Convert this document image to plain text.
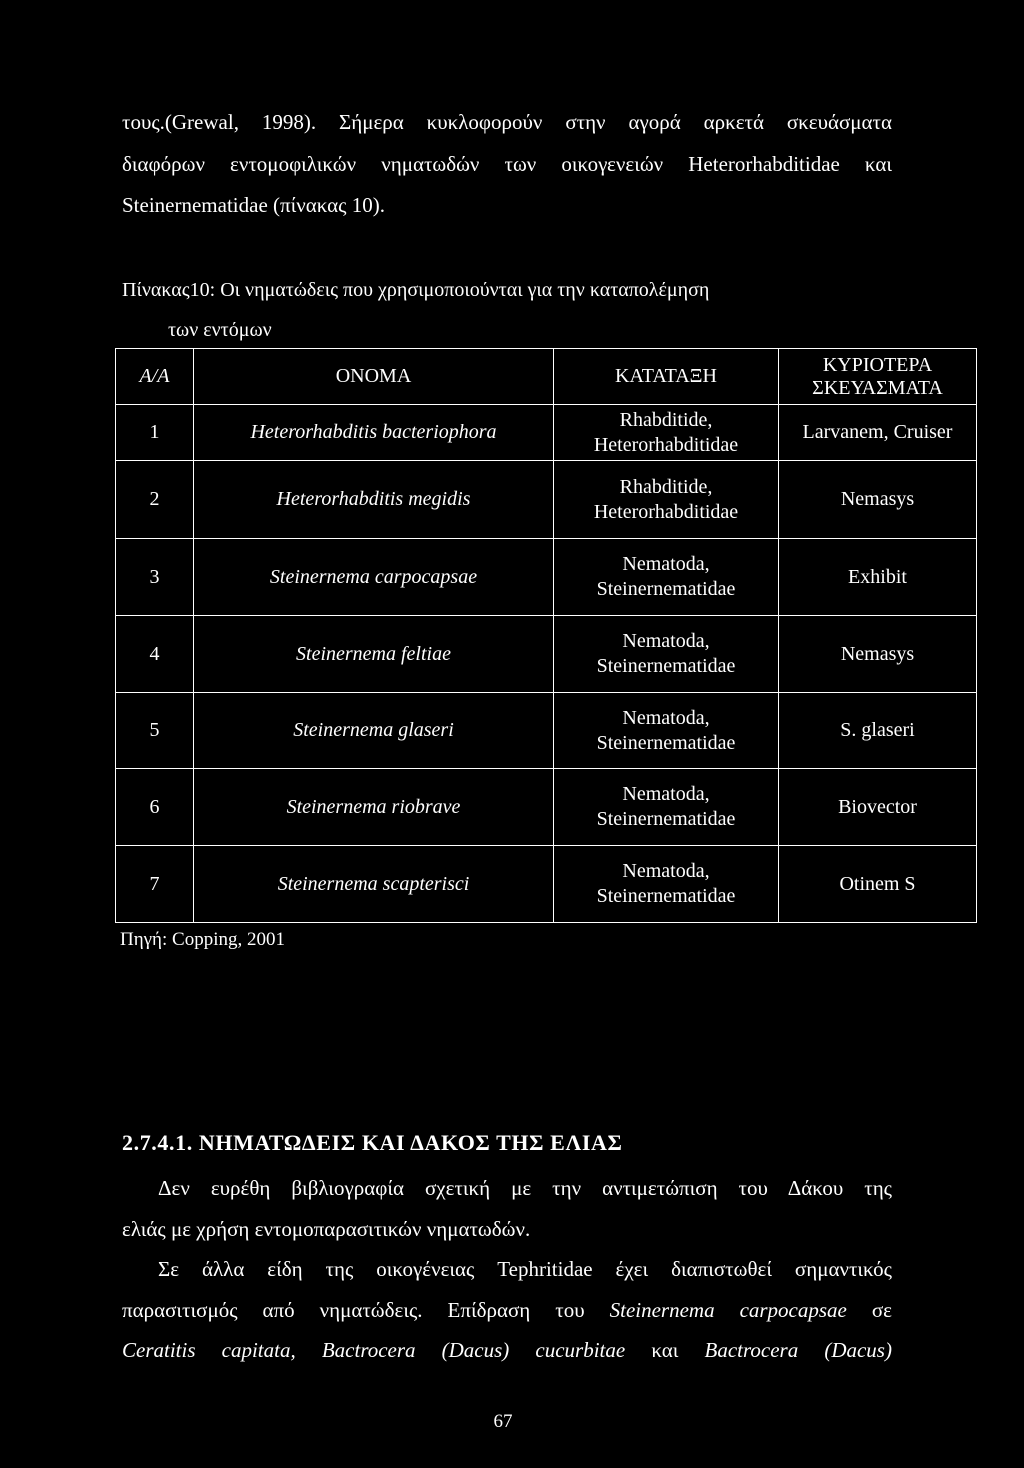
τους.(Grewal, 1998). Σήμερα κυκλοφορούν στην αγορά αρκετά σκευάσματα
διαφόρων εντομοφιλικών νηματωδών των οικογενειών Heterorhabditidae και
Steinernematidae (πίνακας 10).
Πίνακας10: Οι νηματώδεις που χρησιμοποιούνται για την καταπολέμηση
των εντόμων
Α/Α	ΟΝΟΜΑ	ΚΑΤΑΤΑΞΗ	ΚΥΡΙΟΤΕΡΑ
ΣΚΕΥΑΣΜΑΤΑ

1	Heterorhabditis bacteriophora	Rhabditide,
Heterorhabditidae	Larvanem, Cruiser
2	Heterorhabditis megidis	Rhabditide,
Heterorhabditidae	Nemasys
3	Steinernema carpocapsae	Nematoda,
Steinernematidae	Exhibit
4	Steinernema feltiae	Nematoda,
Steinernematidae	Nemasys
5	Steinernema glaseri	Nematoda,
Steinernematidae	S. glaseri
6	Steinernema riobrave	Nematoda,
Steinernematidae	Biovector
7	Steinernema scapterisci	Nematoda,
Steinernematidae	Otinem S
Πηγή: Copping, 2001
2.7.4.1. ΝΗΜΑΤΩΔΕΙΣ ΚΑΙ ΔΑΚΟΣ ΤΗΣ ΕΛΙΑΣ
Δεν ευρέθη βιβλιογραφία σχετική με την αντιμετώπιση του Δάκου της
ελιάς με χρήση εντομοπαρασιτικών νηματωδών.
Σε άλλα είδη της οικογένειας Tephritidae έχει διαπιστωθεί σημαντικός
παρασιτισμός από νηματώδεις. Επίδραση του Steinernema carpocapsae σε
Ceratitis capitata, Bactrocera (Dacus) cucurbitae και Bactrocera (Dacus)
67
